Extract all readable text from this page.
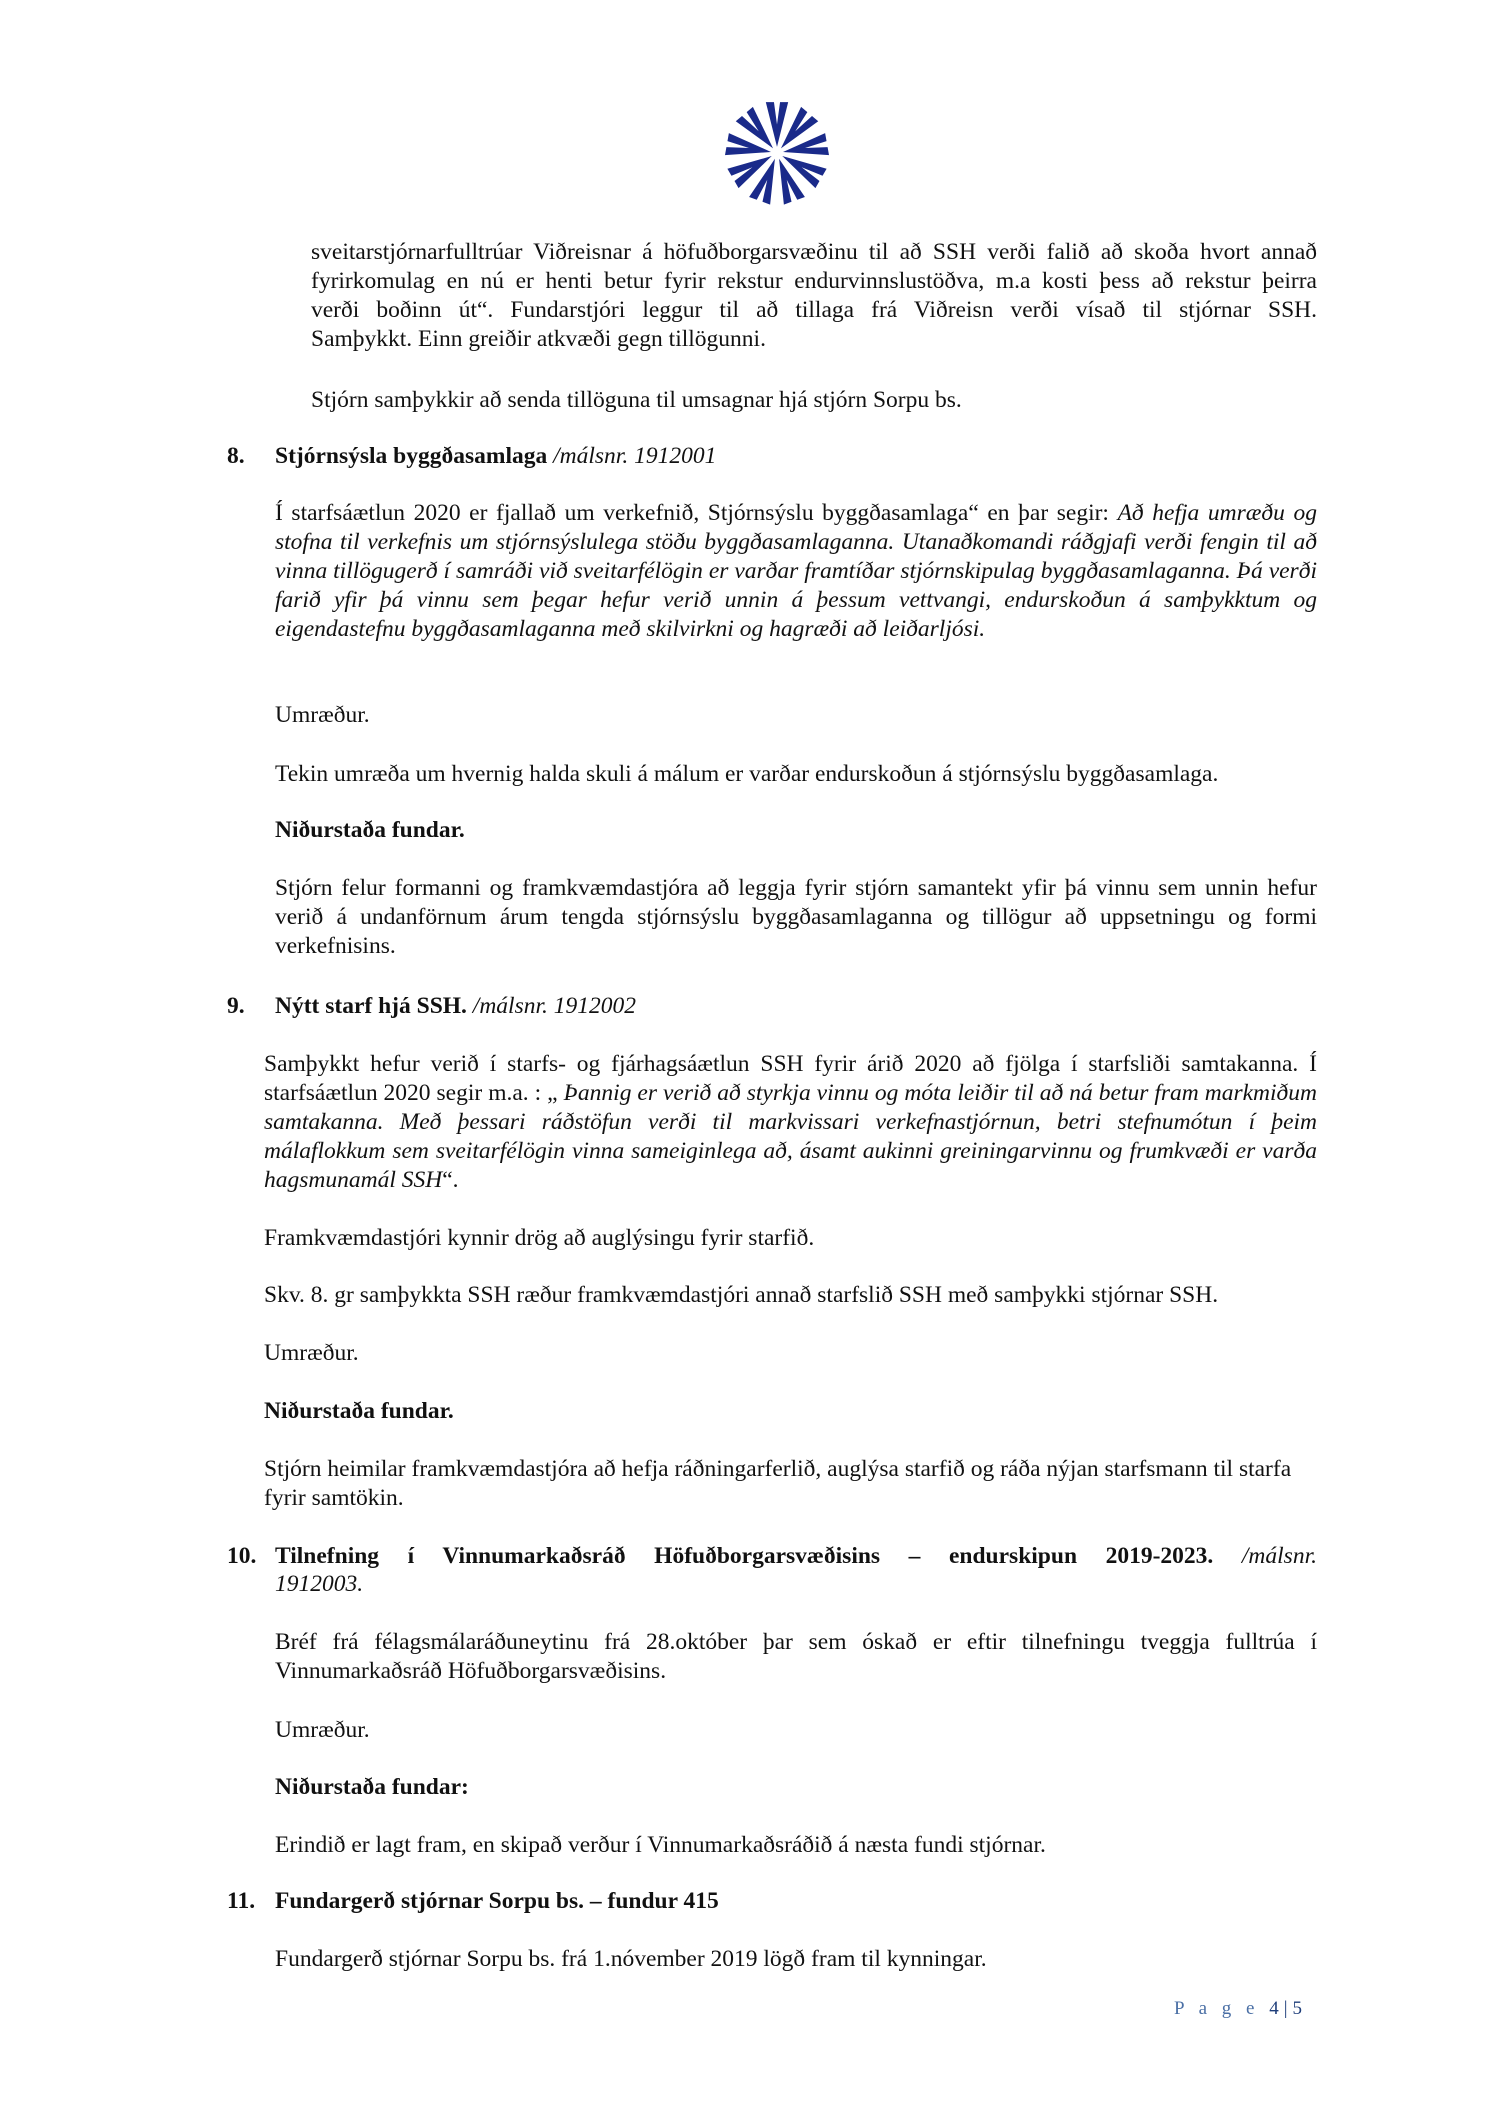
sveitarstjórnarfulltrúar Viðreisnar á höfuðborgarsvæðinu til að SSH verði falið að skoða hvort annað
fyrirkomulag en nú er henti betur fyrir rekstur endurvinnslustöðva, m.a kosti þess að rekstur þeirra
verði boðinn út“. Fundarstjóri leggur til að tillaga frá Viðreisn verði vísað til stjórnar SSH.
Samþykkt. Einn greiðir atkvæði gegn tillögunni.
Stjórn samþykkir að senda tillöguna til umsagnar hjá stjórn Sorpu bs.
8. Stjórnsýsla byggðasamlaga /málsnr. 1912001

Í starfsáætlun 2020 er fjallað um verkefnið, Stjórnsýslu byggðasamlaga“ en þar segir: Að hefja umræðu og stofna til verkefnis um stjórnsýslulega stöðu byggðasamlaganna. Utanaðkomandi ráðgjafi verði fengin til að vinna tillögugerð í samráði við sveitarfélögin er varðar framtíðar stjórnskipulag byggðasamlaganna. Þá verði farið yfir þá vinnu sem þegar hefur verið unnin á þessum vettvangi, endurskoðun á samþykktum og eigendastefnu byggðasamlaganna með skilvirkni og hagræði að leiðarljósi.

Umræður.
Tekin umræða um hvernig halda skuli á málum er varðar endurskoðun á stjórnsýslu byggðasamlaga.
Niðurstaða fundar.
Stjórn felur formanni og framkvæmdastjóra að leggja fyrir stjórn samantekt yfir þá vinnu sem unnin hefur verið á undanförnum árum tengda stjórnsýslu byggðasamlaganna og tillögur að uppsetningu og formi verkefnisins.
9. Nýtt starf hjá SSH. /málsnr. 1912002

Samþykkt hefur verið í starfs- og fjárhagsáætlun SSH fyrir árið 2020 að fjölga í starfsliði samtakanna. Í starfsáætlun 2020 segir m.a. : „ Þannig er verið að styrkja vinnu og móta leiðir til að ná betur fram markmiðum samtakanna. Með þessari ráðstöfun verði til markvissari verkefnastjórnun, betri stefnumótun í þeim málaflokkum sem sveitarfélögin vinna sameiginlega að, ásamt aukinni greiningarvinnu og frumkvæði er varða hagsmunamál SSH“.

Framkvæmdastjóri kynnir drög að auglýsingu fyrir starfið.
Skv. 8. gr samþykkta SSH ræður framkvæmdastjóri annað starfslið SSH með samþykki stjórnar SSH.
Umræður.
Niðurstaða fundar.
Stjórn heimilar framkvæmdastjóra að hefja ráðningarferlið, auglýsa starfið og ráða nýjan starfsmann til starfa fyrir samtökin.
10. Tilnefning í Vinnumarkaðsráð Höfuðborgarsvæðisins – endurskipun 2019-2023. /málsnr.
1912003.
Bréf frá félagsmálaráðuneytinu frá 28.október þar sem óskað er eftir tilnefningu tveggja fulltrúa í Vinnumarkaðsráð Höfuðborgarsvæðisins.
Umræður.
Niðurstaða fundar:
Erindið er lagt fram, en skipað verður í Vinnumarkaðsráðið á næsta fundi stjórnar.
11. Fundargerð stjórnar Sorpu bs. – fundur 415
Fundargerð stjórnar Sorpu bs. frá 1.nóvember 2019 lögð fram til kynningar.
P a g e 4|5
